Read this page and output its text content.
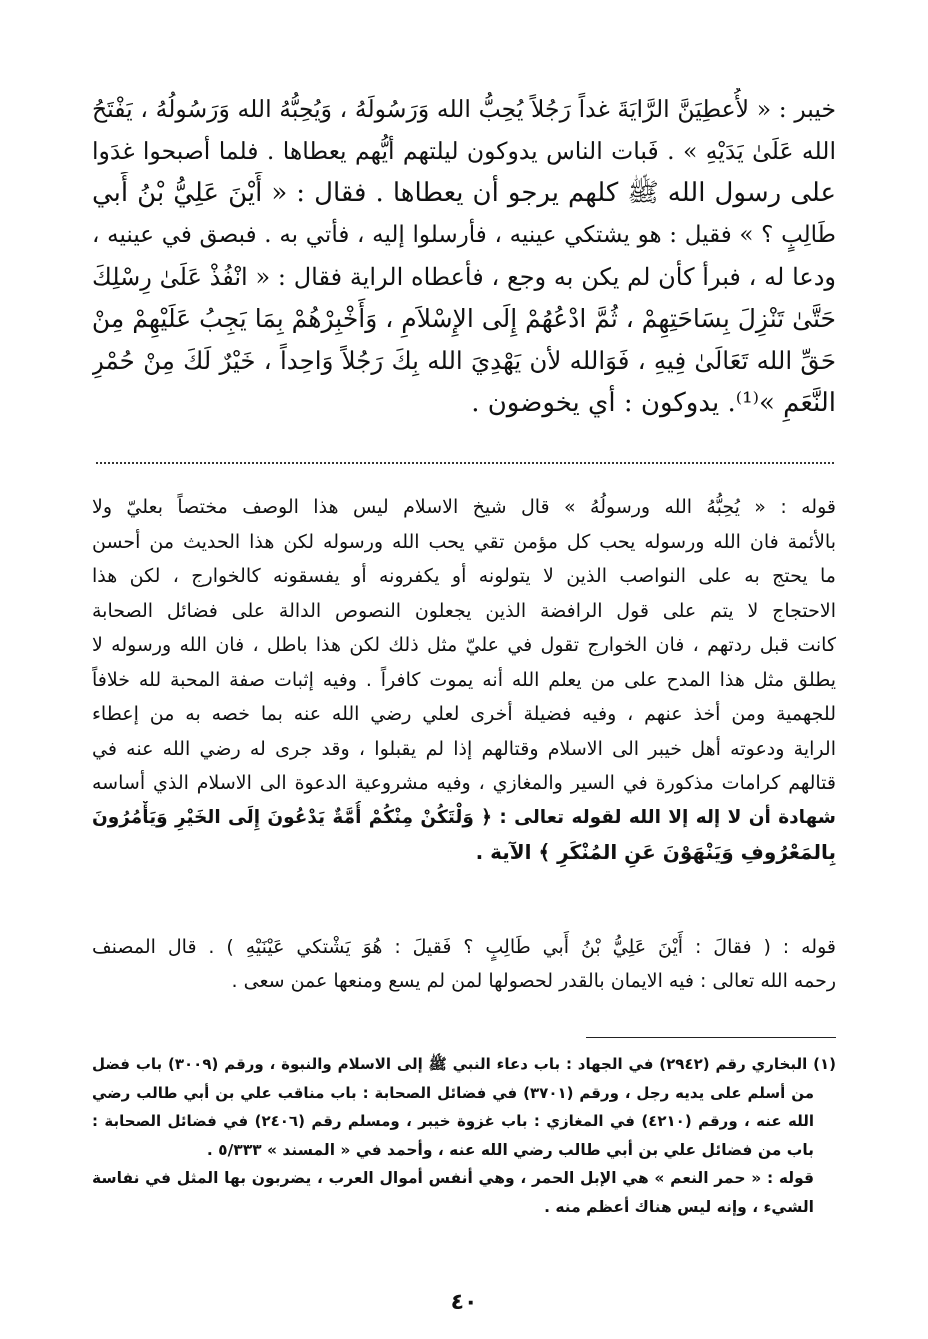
خيبر : « لأُعطِيَنَّ الرَّايَةَ غداً رَجُلاً يُحِبُّ الله وَرَسُولَهُ ، وَيُحِبُّهُ الله وَرَسُولُهُ ، يَفْتَحُ
الله عَلَىٰ يَدَيْهِ » . فَبات الناس يدوكون ليلتهم أيُّهم يعطاها . فلما أصبحوا غدَوا
على رسول الله ﷺ كلهم يرجو أن يعطاها . فقال : « أَيْنَ عَلِيُّ بْنُ أَبي
طَالِبٍ ؟ » فقيل : هو يشتكي عينيه ، فأرسلوا إليه ، فأتي به . فبصق في عينيه ،
ودعا له ، فبرأ كأن لم يكن به وجع ، فأعطاه الراية فقال : « انْفُذْ عَلَىٰ رِسْلِكَ
حَتَّىٰ تَنْزِلَ بِسَاحَتِهِمْ ، ثُمَّ ادْعُهُمْ إِلَى الإِسْلاَمِ ، وَأَخْبِرْهُمْ بِمَا يَجِبُ عَلَيْهِمْ مِنْ
حَقِّ الله تَعَالَىٰ فِيهِ ، فَوَالله لأن يَهْدِيَ الله بِكَ رَجُلاً وَاحِداً ، خَيْرٌ لَكَ مِنْ حُمْرِ
النَّعَمِ »⁽¹⁾. يدوكون : أي يخوضون .
قوله : « يُحِبُّهُ الله ورسولُهُ » قال شيخ الاسلام ليس هذا الوصف مختصاً بعليّ ولا
بالأئمة فان الله ورسوله يحب كل مؤمن تقي يحب الله ورسوله لكن هذا الحديث من أحسن
ما يحتج به على النواصب الذين لا يتولونه أو يكفرونه أو يفسقونه كالخوارج ، لكن هذا
الاحتجاج لا يتم على قول الرافضة الذين يجعلون النصوص الدالة على فضائل الصحابة
كانت قبل ردتهم ، فان الخوارج تقول في عليّ مثل ذلك لكن هذا باطل ، فان الله ورسوله لا
يطلق مثل هذا المدح على من يعلم الله أنه يموت كافراً . وفيه إثبات صفة المحبة لله خلافاً
للجهمية ومن أخذ عنهم ، وفيه فضيلة أخرى لعلي رضي الله عنه بما خصه به من إعطاء
الراية ودعوته أهل خيبر الى الاسلام وقتالهم إذا لم يقبلوا ، وقد جرى له رضي الله عنه في
قتالهم كرامات مذكورة في السير والمغازي ، وفيه مشروعية الدعوة الى الاسلام الذي أساسه
شهادة أن لا إله إلا الله لقوله تعالى : ﴿ وَلْتَكُنْ مِنْكُمْ أُمَّةٌ يَدْعُونَ إِلَى الخَيْرِ وَيَأْمُرُونَ
بِالمَعْرُوفِ وَيَنْهَوْنَ عَنِ المُنْكَرِ ﴾ الآية .
قوله : ( فقالَ : أَيْنَ عَلِيُّ بْنُ أَبي طَالِبٍ ؟ فَقيلَ : هُوَ يَشْتكي عَيْنَيْهِ ) . قال المصنف
رحمه الله تعالى : فيه الايمان بالقدر لحصولها لمن لم يسع ومنعها عمن سعى .
(١) البخاري رقم (٢٩٤٢) في الجهاد : باب دعاء النبي ﷺ إلى الاسلام والنبوة ، ورقم (٣٠٠٩) باب فضل
من أسلم على يديه رجل ، ورقم (٣٧٠١) في فضائل الصحابة : باب مناقب علي بن أبي طالب رضي
الله عنه ، ورقم (٤٢١٠) في المغازي : باب غزوة خيبر ، ومسلم رقم (٢٤٠٦) في فضائل الصحابة :
باب من فضائل علي بن أبي طالب رضي الله عنه ، وأحمد في « المسند » ٥/٣٣٣ .
قوله : « حمر النعم » هي الإبل الحمر ، وهي أنفس أموال العرب ، يضربون بها المثل في نفاسة
الشيء ، وإنه ليس هناك أعظم منه .
٤٠
